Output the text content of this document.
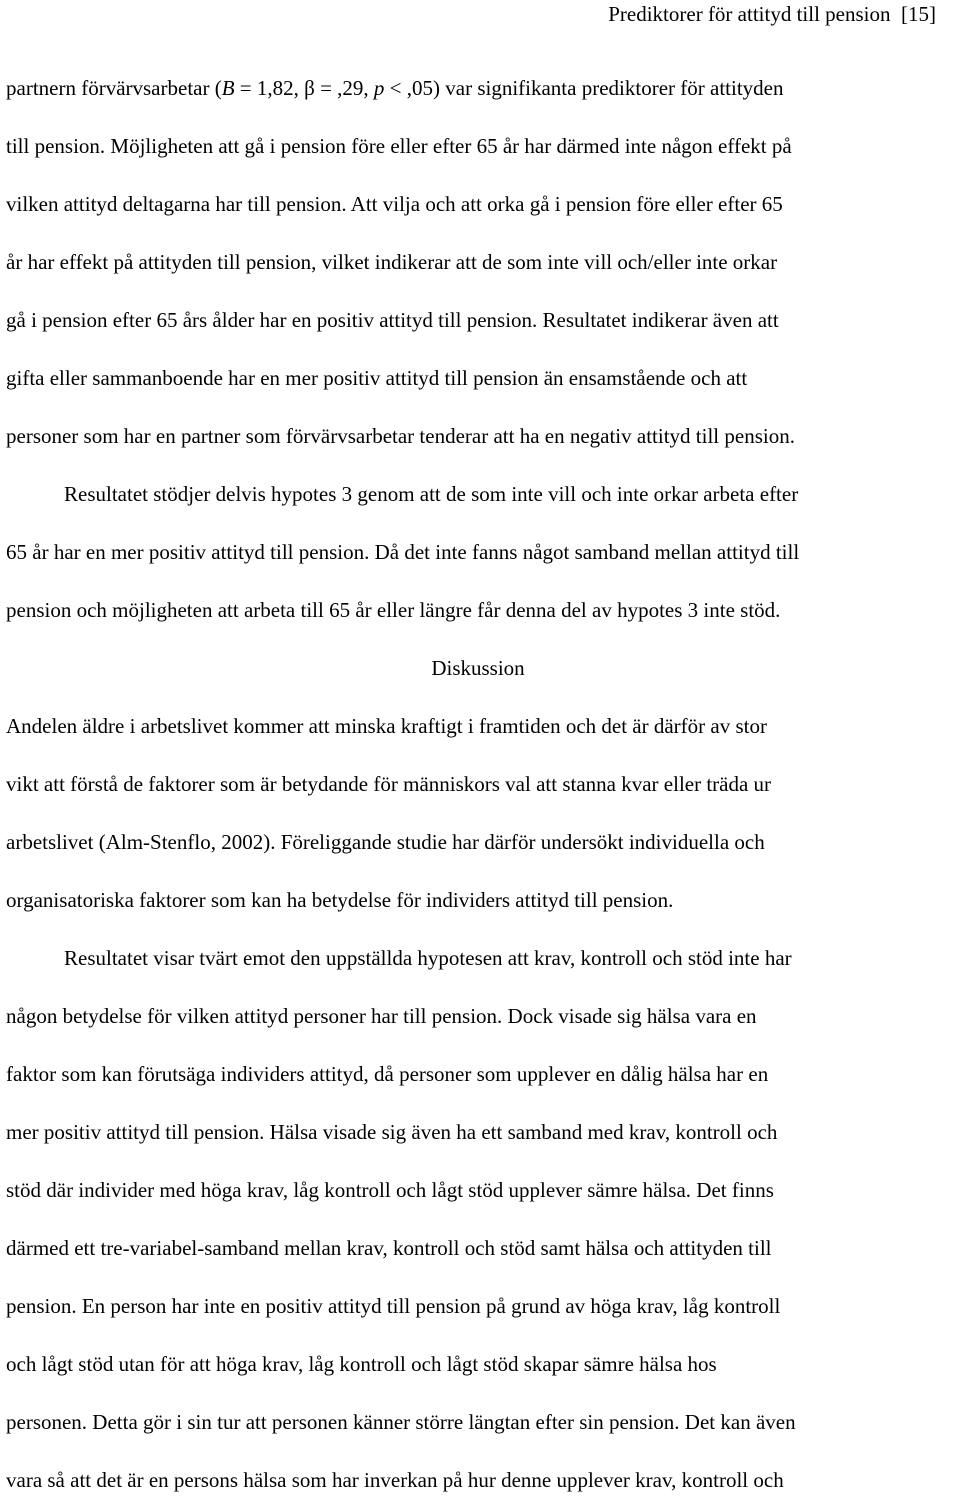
Prediktorer för attityd till pension [15]
partnern förvärvsarbetar (B = 1,82, β = ,29, p < ,05) var signifikanta prediktorer för attityden
till pension. Möjligheten att gå i pension före eller efter 65 år har därmed inte någon effekt på
vilken attityd deltagarna har till pension. Att vilja och att orka gå i pension före eller efter 65
år har effekt på attityden till pension, vilket indikerar att de som inte vill och/eller inte orkar
gå i pension efter 65 års ålder har en positiv attityd till pension. Resultatet indikerar även att
gifta eller sammanboende har en mer positiv attityd till pension än ensamstående och att
personer som har en partner som förvärvsarbetar tenderar att ha en negativ attityd till pension.
Resultatet stödjer delvis hypotes 3 genom att de som inte vill och inte orkar arbeta efter
65 år har en mer positiv attityd till pension. Då det inte fanns något samband mellan attityd till
pension och möjligheten att arbeta till 65 år eller längre får denna del av hypotes 3 inte stöd.
Diskussion
Andelen äldre i arbetslivet kommer att minska kraftigt i framtiden och det är därför av stor
vikt att förstå de faktorer som är betydande för människors val att stanna kvar eller träda ur
arbetslivet (Alm-Stenflo, 2002). Föreliggande studie har därför undersökt individuella och
organisatoriska faktorer som kan ha betydelse för individers attityd till pension.
Resultatet visar tvärt emot den uppställda hypotesen att krav, kontroll och stöd inte har
någon betydelse för vilken attityd personer har till pension. Dock visade sig hälsa vara en
faktor som kan förutsäga individers attityd, då personer som upplever en dålig hälsa har en
mer positiv attityd till pension. Hälsa visade sig även ha ett samband med krav, kontroll och
stöd där individer med höga krav, låg kontroll och lågt stöd upplever sämre hälsa. Det finns
därmed ett tre-variabel-samband mellan krav, kontroll och stöd samt hälsa och attityden till
pension. En person har inte en positiv attityd till pension på grund av höga krav, låg kontroll
och lågt stöd utan för att höga krav, låg kontroll och lågt stöd skapar sämre hälsa hos
personen. Detta gör i sin tur att personen känner större längtan efter sin pension. Det kan även
vara så att det är en persons hälsa som har inverkan på hur denne upplever krav, kontroll och
